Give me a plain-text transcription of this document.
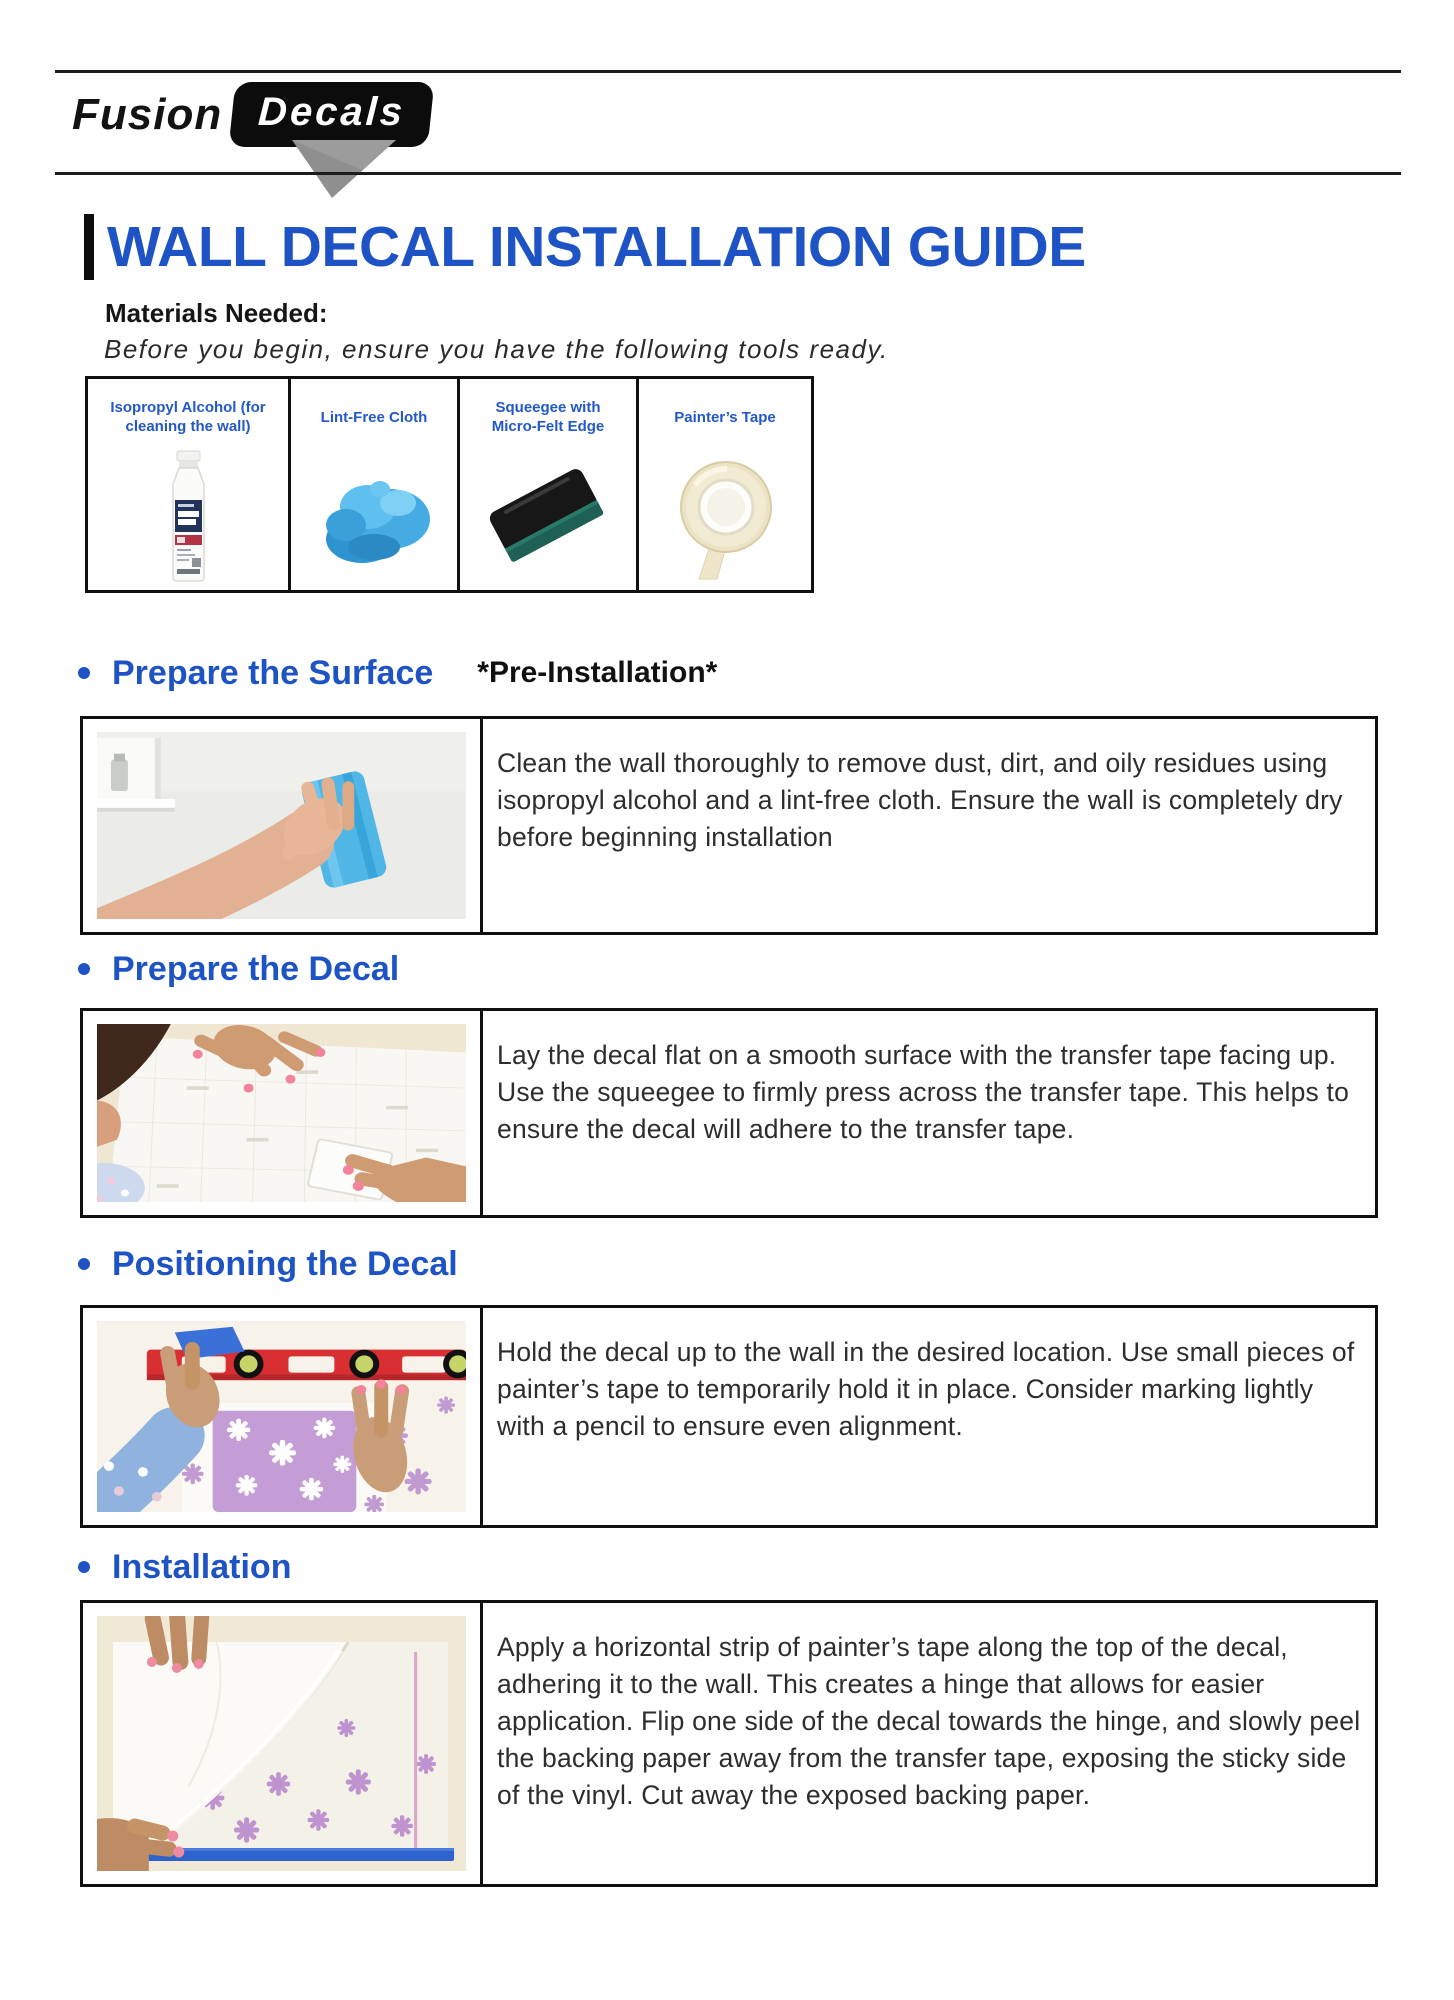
Fusion Decals
WALL DECAL INSTALLATION GUIDE
Materials Needed:
Before you begin, ensure you have the following tools ready.
Isopropyl Alcohol (for cleaning the wall)

Lint-Free Cloth

Squeegee with Micro-Felt Edge

Painter’s Tape
Prepare the Surface *Pre-Installation*

Clean the wall thoroughly to remove dust, dirt, and oily residues using isopropyl alcohol and a lint-free cloth. Ensure the wall is completely dry before beginning installation

Prepare the Decal

Lay the decal flat on a smooth surface with the transfer tape facing up. Use the squeegee to firmly press across the transfer tape. This helps to ensure the decal will adhere to the transfer tape.

Positioning the Decal

Hold the decal up to the wall in the desired location. Use small pieces of painter’s tape to temporarily hold it in place. Consider marking lightly with a pencil to ensure even alignment.

Installation

Apply a horizontal strip of painter’s tape along the top of the decal, adhering it to the wall. This creates a hinge that allows for easier application. Flip one side of the decal towards the hinge, and slowly peel the backing paper away from the transfer tape, exposing the sticky side of the vinyl. Cut away the exposed backing paper.
